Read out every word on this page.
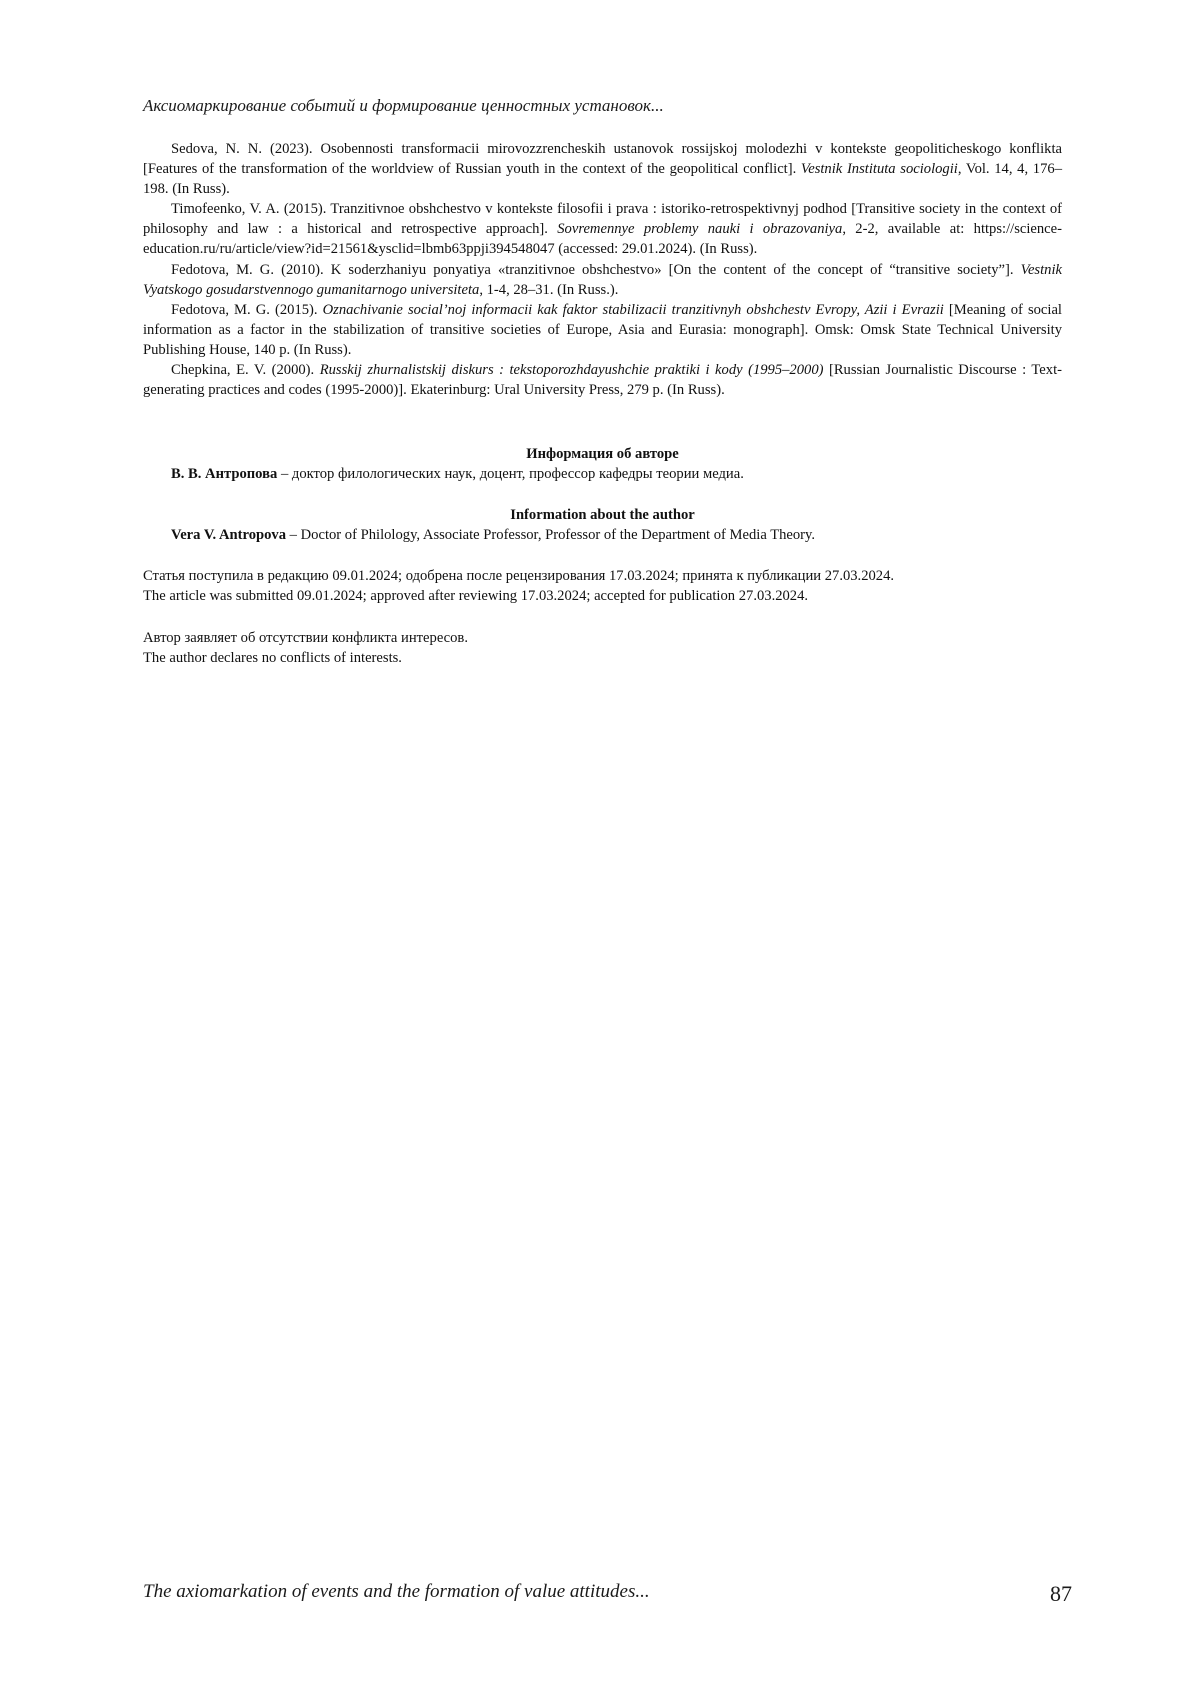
Аксиомаркирование событий и формирование ценностных установок...

Sedova, N. N. (2023). Osobennosti transformacii mirovozzrencheskih ustanovok rossijskoj molodezhi v kontekste geopoliticheskogo konflikta [Features of the transformation of the worldview of Russian youth in the context of the geopolitical conflict]. Vestnik Instituta sociologii, Vol. 14, 4, 176–198. (In Russ).

Timofeenko, V. A. (2015). Tranzitivnoe obshchestvo v kontekste filosofii i prava : istoriko-retrospektivnyj podhod [Transitive society in the context of philosophy and law : a historical and retrospective approach]. Sovremennye problemy nauki i obrazovaniya, 2-2, available at: https://science-education.ru/ru/article/view?id=21561&ysclid=lbmb63ppji394548047 (accessed: 29.01.2024). (In Russ).

Fedotova, M. G. (2010). K soderzhaniyu ponyatiya «tranzitivnoe obshchestvo» [On the content of the concept of “transitive society”]. Vestnik Vyatskogo gosudarstvennogo gumanitarnogo universiteta, 1-4, 28–31. (In Russ.).

Fedotova, M. G. (2015). Oznachivanie social’noj informacii kak faktor stabilizacii tranzitivnyh obshchestv Evropy, Azii i Evrazii [Meaning of social information as a factor in the stabilization of transitive societies of Europe, Asia and Eurasia: monograph]. Omsk: Omsk State Technical University Publishing House, 140 p. (In Russ).

Chepkina, E. V. (2000). Russkij zhurnalistskij diskurs : tekstoporozhdayushchie praktiki i kody (1995–2000) [Russian Journalistic Discourse : Text-generating practices and codes (1995-2000)]. Ekaterinburg: Ural University Press, 279 p. (In Russ).

Информация об авторе

В. В. Антропова – доктор филологических наук, доцент, профессор кафедры теории медиа.

Information about the author

Vera V. Antropova – Doctor of Philology, Associate Professor, Professor of the Department of Media Theory.

Статья поступила в редакцию 09.01.2024; одобрена после рецензирования 17.03.2024; принята к публикации 27.03.2024.

The article was submitted 09.01.2024; approved after reviewing 17.03.2024; accepted for publication 27.03.2024.

Автор заявляет об отсутствии конфликта интересов.

The author declares no conflicts of interests.

The axiomarkation of events and the formation of value attitudes...	87
